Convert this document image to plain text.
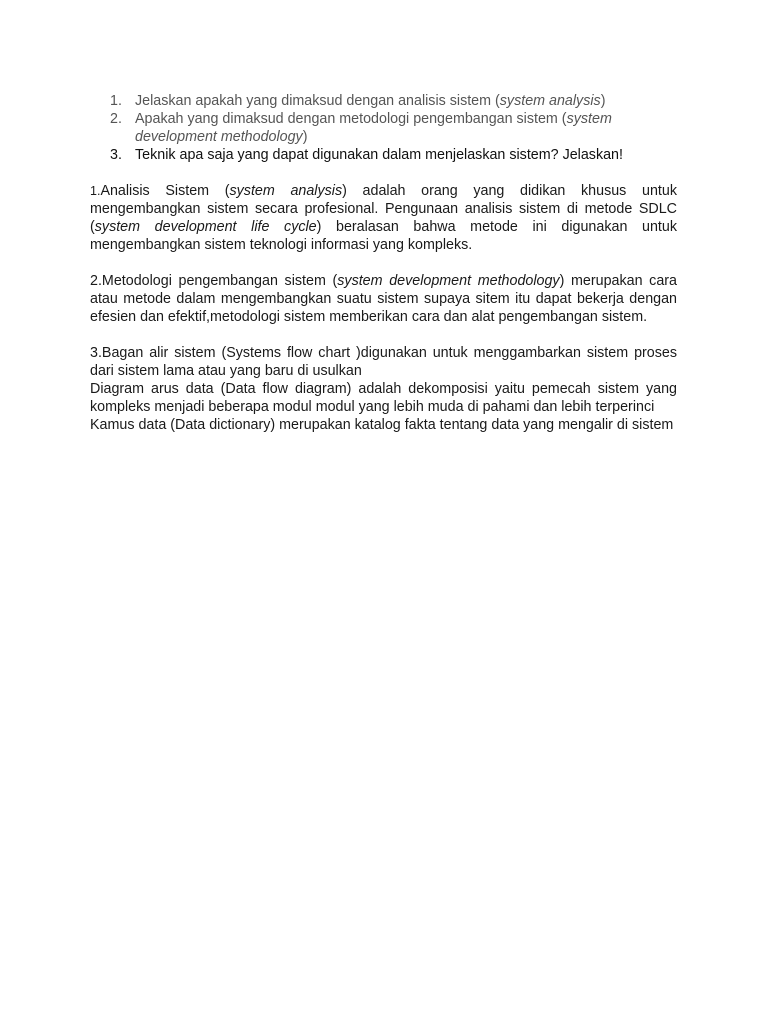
1. Jelaskan apakah yang dimaksud dengan analisis sistem (system analysis)
2. Apakah yang dimaksud dengan metodologi pengembangan sistem (system development methodology)
3. Teknik apa saja yang dapat digunakan dalam menjelaskan sistem? Jelaskan!

1.Analisis Sistem (system analysis) adalah orang yang didikan khusus untuk mengembangkan sistem secara profesional. Pengunaan analisis sistem di metode SDLC (system development life cycle) beralasan bahwa metode ini digunakan untuk mengembangkan sistem teknologi informasi yang kompleks.

2.Metodologi pengembangan sistem (system development methodology) merupakan cara atau metode dalam mengembangkan suatu sistem supaya sitem itu dapat bekerja dengan efesien dan efektif,metodologi sistem memberikan cara dan alat pengembangan sistem.

3.Bagan alir sistem (Systems flow chart )digunakan untuk menggambarkan sistem proses dari sistem lama atau yang baru di usulkan

Diagram arus data (Data flow diagram) adalah dekomposisi yaitu pemecah sistem yang kompleks menjadi beberapa modul modul yang lebih muda di pahami dan lebih terperinci

Kamus data (Data dictionary) merupakan katalog fakta tentang data yang mengalir di sistem
